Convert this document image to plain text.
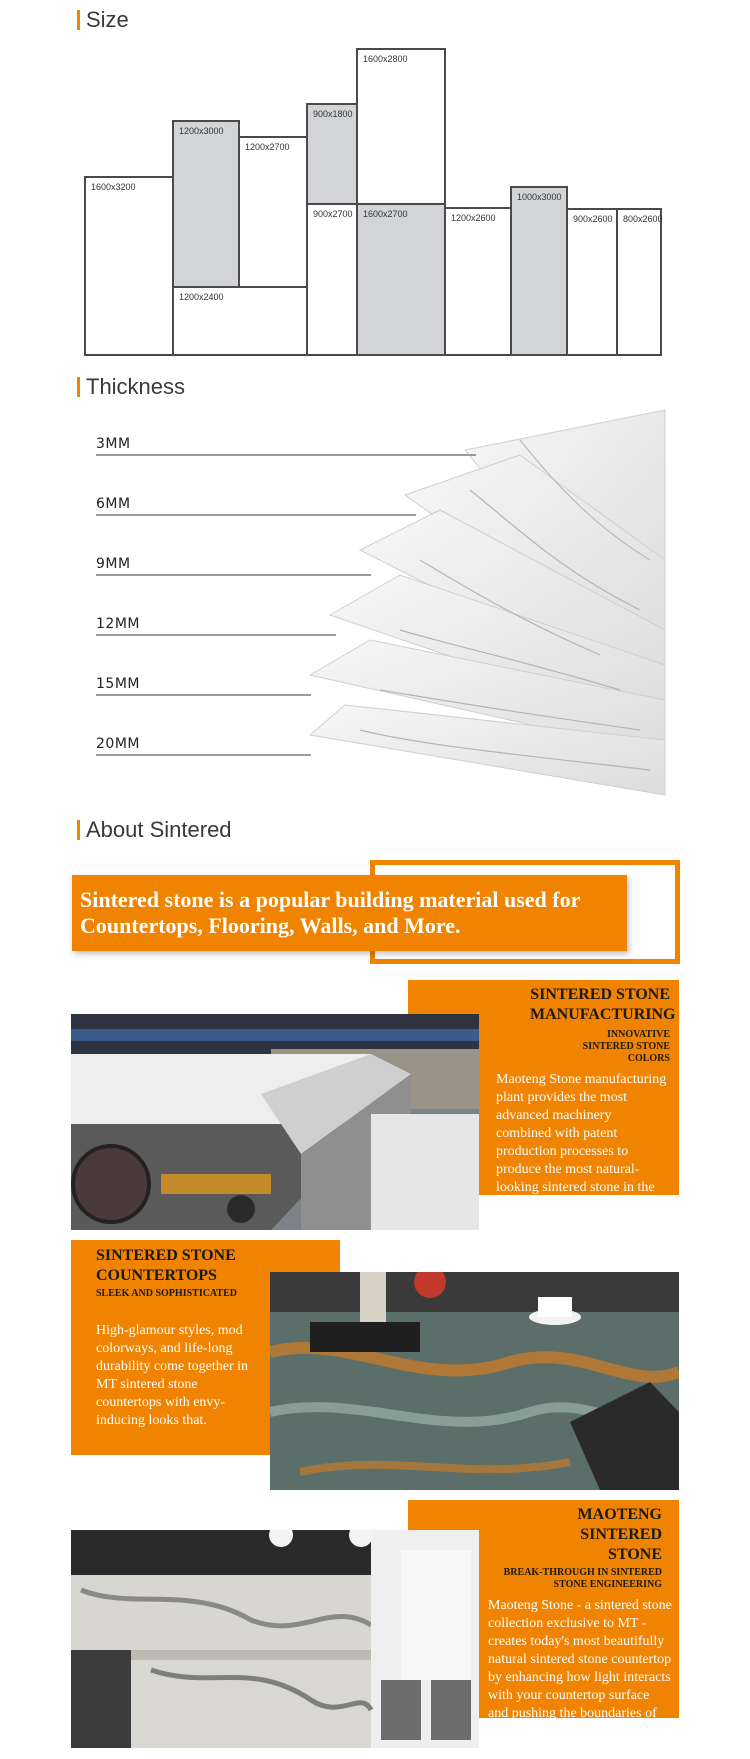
Size
1600x3200
1200x3000
1200x2400
1200x2700
900x1800
900x2700
1600x2800
1600x2700	1200x2600
1000x3000
900x2600 800x2600
Thickness
3MM
6MM
9MM
12MM
15MM
20MM
About Sintered

Sintered stone is a popular building material used for Countertops, Flooring, Walls, and More.

SINTERED STONE MANUFACTURING
INNOVATIVE SINTERED STONE COLORS
Maoteng Stone manufacturing plant provides the most advanced machinery combined with patent production processes to produce the most natural-looking sintered stone in the market.
SINTERED STONE COUNTERTOPS
SLEEK AND SOPHISTICATED
High-glamour styles, mod colorways, and life-long durability come together in MT sintered stone countertops with envy-inducing looks that.
MAOTENG SINTERED STONE
BREAK-THROUGH IN SINTERED STONE ENGINEERING
Maoteng Stone - a sintered stone collection exclusive to MT - creates today's most beautifully natural sintered stone countertop by enhancing how light interacts with your countertop surface and pushing the boundaries of realism.
